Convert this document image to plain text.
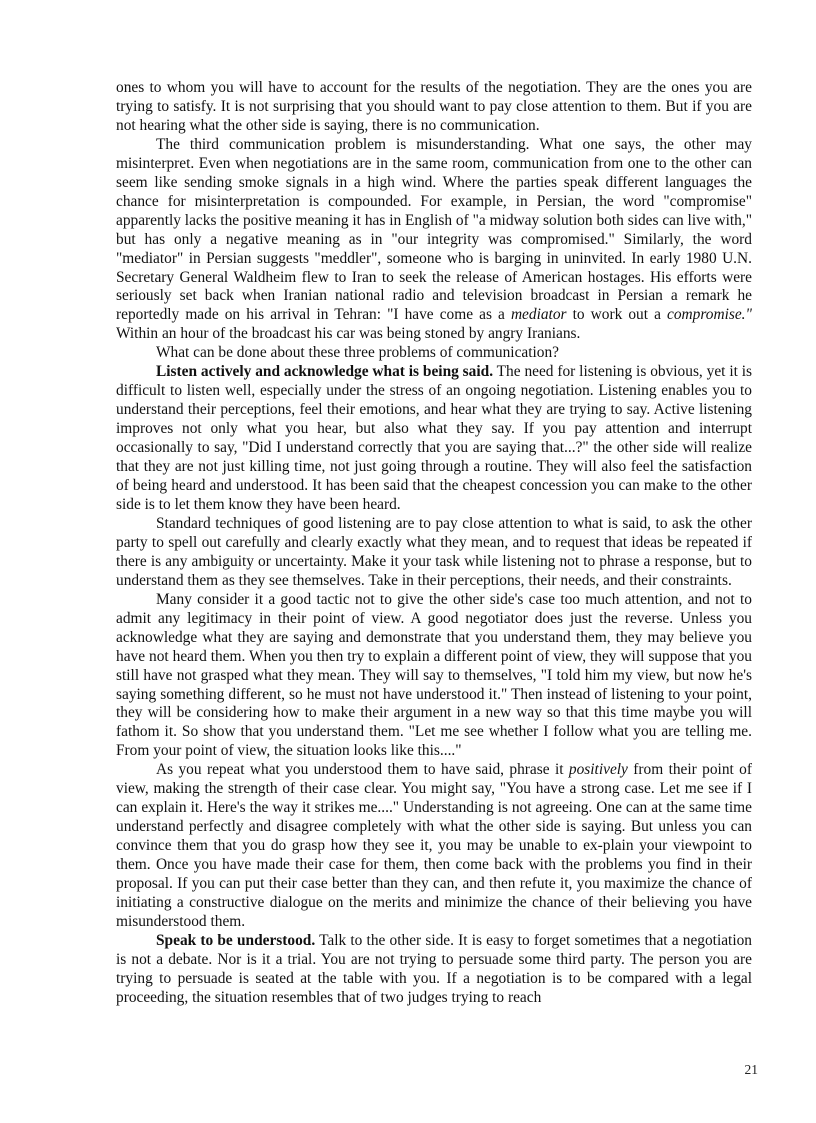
ones to whom you will have to account for the results of the negotiation. They are the ones you are trying to satisfy. It is not surprising that you should want to pay close attention to them. But if you are not hearing what the other side is saying, there is no communication.

The third communication problem is misunderstanding. What one says, the other may misinterpret. Even when negotiations are in the same room, communication from one to the other can seem like sending smoke signals in a high wind. Where the parties speak different languages the chance for misinterpretation is compounded. For example, in Persian, the word "compromise" apparently lacks the positive meaning it has in English of "a midway solution both sides can live with," but has only a negative meaning as in "our integrity was compromised." Similarly, the word "mediator" in Persian suggests "meddler", someone who is barging in uninvited. In early 1980 U.N. Secretary General Waldheim flew to Iran to seek the release of American hostages. His efforts were seriously set back when Iranian national radio and television broadcast in Persian a remark he reportedly made on his arrival in Tehran: "I have come as a mediator to work out a compromise." Within an hour of the broadcast his car was being stoned by angry Iranians.

What can be done about these three problems of communication?

Listen actively and acknowledge what is being said. The need for listening is obvious, yet it is difficult to listen well, especially under the stress of an ongoing negotiation. Listening enables you to understand their perceptions, feel their emotions, and hear what they are trying to say. Active listening improves not only what you hear, but also what they say. If you pay attention and interrupt occasionally to say, "Did I understand correctly that you are saying that...?" the other side will realize that they are not just killing time, not just going through a routine. They will also feel the satisfaction of being heard and understood. It has been said that the cheapest concession you can make to the other side is to let them know they have been heard.

Standard techniques of good listening are to pay close attention to what is said, to ask the other party to spell out carefully and clearly exactly what they mean, and to request that ideas be repeated if there is any ambiguity or uncertainty. Make it your task while listening not to phrase a response, but to understand them as they see themselves. Take in their perceptions, their needs, and their constraints.

Many consider it a good tactic not to give the other side's case too much attention, and not to admit any legitimacy in their point of view. A good negotiator does just the reverse. Unless you acknowledge what they are saying and demonstrate that you understand them, they may believe you have not heard them. When you then try to explain a different point of view, they will suppose that you still have not grasped what they mean. They will say to themselves, "I told him my view, but now he's saying something different, so he must not have understood it." Then instead of listening to your point, they will be considering how to make their argument in a new way so that this time maybe you will fathom it. So show that you understand them. "Let me see whether I follow what you are telling me. From your point of view, the situation looks like this...."

As you repeat what you understood them to have said, phrase it positively from their point of view, making the strength of their case clear. You might say, "You have a strong case. Let me see if I can explain it. Here's the way it strikes me...." Understanding is not agreeing. One can at the same time understand perfectly and disagree completely with what the other side is saying. But unless you can convince them that you do grasp how they see it, you may be unable to ex-plain your viewpoint to them. Once you have made their case for them, then come back with the problems you find in their proposal. If you can put their case better than they can, and then refute it, you maximize the chance of initiating a constructive dialogue on the merits and minimize the chance of their believing you have misunderstood them.

Speak to be understood. Talk to the other side. It is easy to forget sometimes that a negotiation is not a debate. Nor is it a trial. You are not trying to persuade some third party. The person you are trying to persuade is seated at the table with you. If a negotiation is to be compared with a legal proceeding, the situation resembles that of two judges trying to reach

21
